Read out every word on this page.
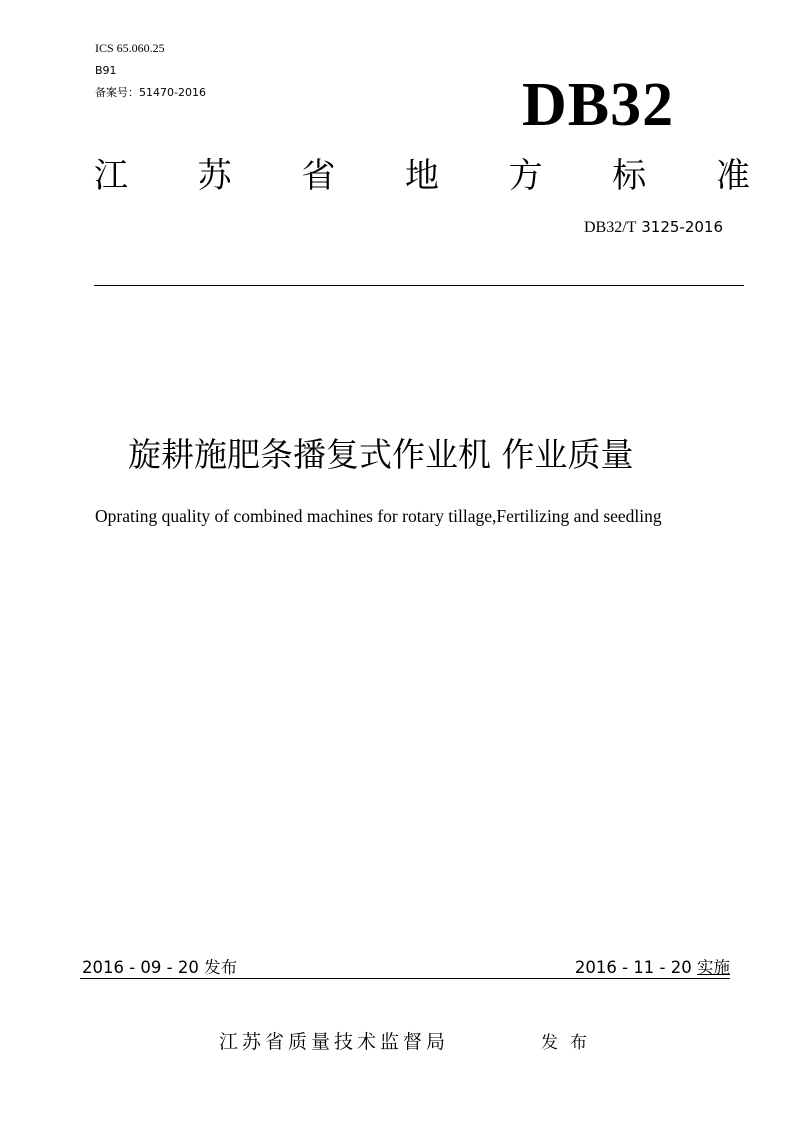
ICS 65.060.25
B91
备案号：51470-2016	DB32
江 苏 省 地 方 标 准
DB32/T 3125-2016
旋耕施肥条播复式作业机 作业质量
Oprating quality of combined machines for rotary tillage,Fertilizing and seedling
2016 - 09 - 20 发布	2016 - 11 - 20 实施
江苏省质量技术监督局	发布
